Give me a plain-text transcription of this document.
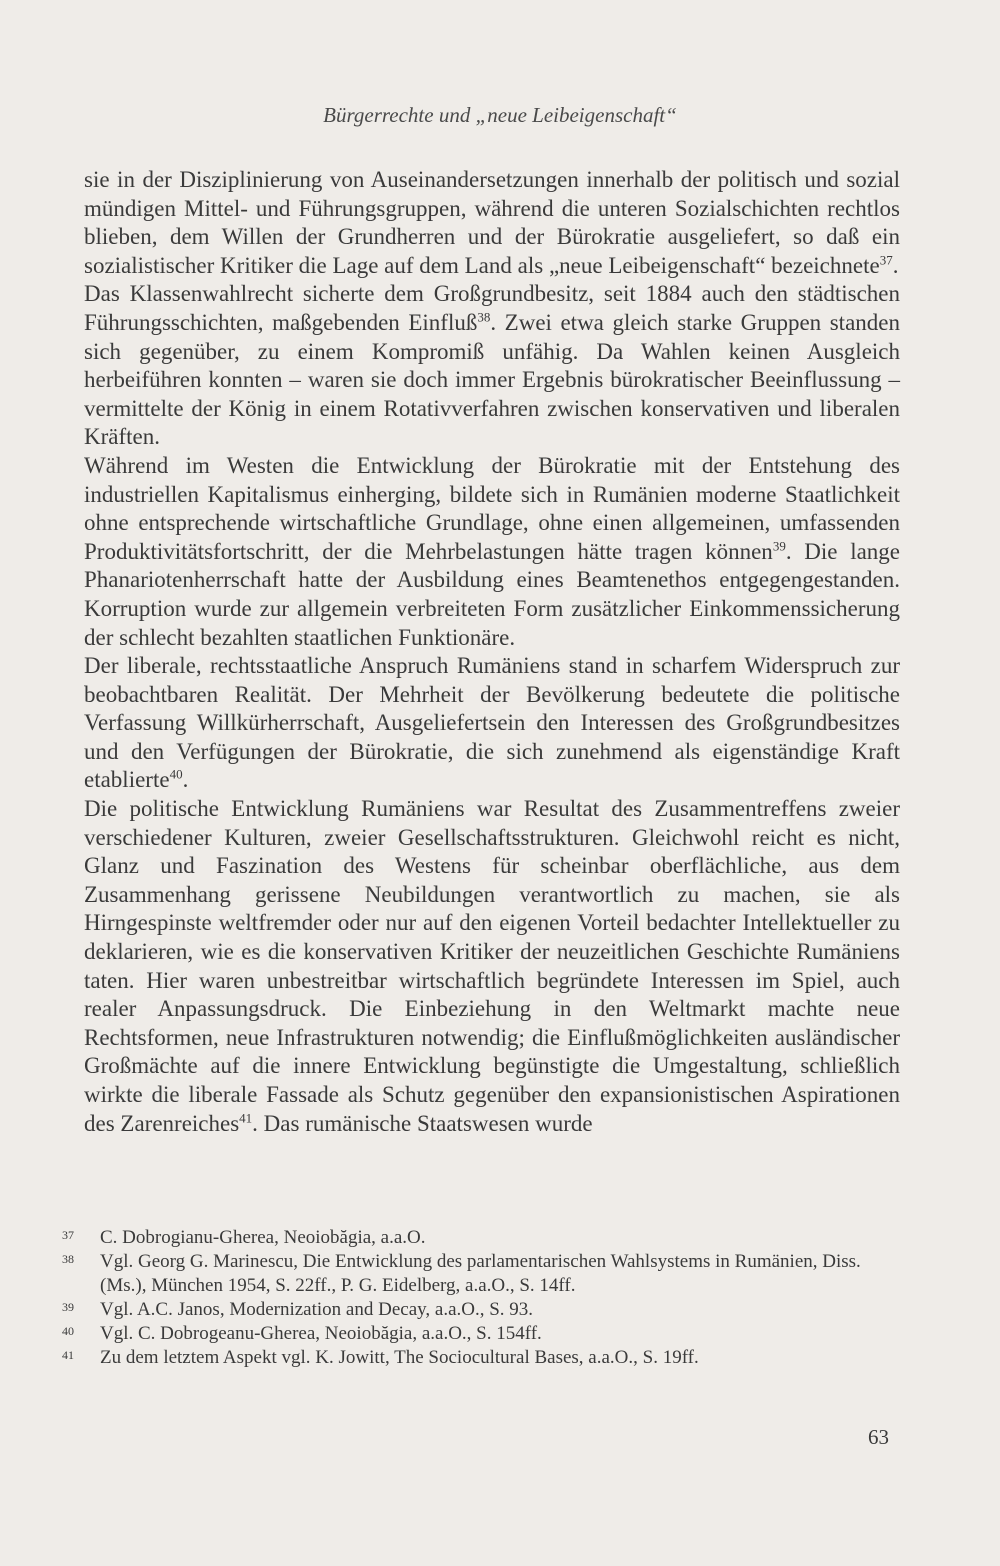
Bürgerrechte und „neue Leibeigenschaft“

sie in der Disziplinierung von Auseinandersetzungen innerhalb der politisch und sozial mündigen Mittel- und Führungsgruppen, während die unteren Sozialschichten rechtlos blieben, dem Willen der Grundherren und der Bürokratie ausgeliefert, so daß ein sozialistischer Kritiker die Lage auf dem Land als „neue Leibeigenschaft“ bezeichnete$^{37}$.

Das Klassenwahlrecht sicherte dem Großgrundbesitz, seit 1884 auch den städtischen Führungsschichten, maßgebenden Einfluß$^{38}$. Zwei etwa gleich starke Gruppen standen sich gegenüber, zu einem Kompromiß unfähig. Da Wahlen keinen Ausgleich herbeiführen konnten – waren sie doch immer Ergebnis bürokratischer Beeinflussung – vermittelte der König in einem Rotativverfahren zwischen konservativen und liberalen Kräften.

Während im Westen die Entwicklung der Bürokratie mit der Entstehung des industriellen Kapitalismus einherging, bildete sich in Rumänien moderne Staatlichkeit ohne entsprechende wirtschaftliche Grundlage, ohne einen allgemeinen, umfassenden Produktivitätsfortschritt, der die Mehrbelastungen hätte tragen können$^{39}$. Die lange Phanariotenherrschaft hatte der Ausbildung eines Beamtenethos entgegengestanden. Korruption wurde zur allgemein verbreiteten Form zusätzlicher Einkommenssicherung der schlecht bezahlten staatlichen Funktionäre.

Der liberale, rechtsstaatliche Anspruch Rumäniens stand in scharfem Widerspruch zur beobachtbaren Realität. Der Mehrheit der Bevölkerung bedeutete die politische Verfassung Willkürherrschaft, Ausgeliefertsein den Interessen des Großgrundbesitzes und den Verfügungen der Bürokratie, die sich zunehmend als eigenständige Kraft etablierte$^{40}$.

Die politische Entwicklung Rumäniens war Resultat des Zusammentreffens zweier verschiedener Kulturen, zweier Gesellschaftsstrukturen. Gleichwohl reicht es nicht, Glanz und Faszination des Westens für scheinbar oberflächliche, aus dem Zusammenhang gerissene Neubildungen verantwortlich zu machen, sie als Hirngespinste weltfremder oder nur auf den eigenen Vorteil bedachter Intellektueller zu deklarieren, wie es die konservativen Kritiker der neuzeitlichen Geschichte Rumäniens taten. Hier waren unbestreitbar wirtschaftlich begründete Interessen im Spiel, auch realer Anpassungsdruck. Die Einbeziehung in den Weltmarkt machte neue Rechtsformen, neue Infrastrukturen notwendig; die Einflußmöglichkeiten ausländischer Großmächte auf die innere Entwicklung begünstigte die Umgestaltung, schließlich wirkte die liberale Fassade als Schutz gegenüber den expansionistischen Aspirationen des Zarenreiches$^{41}$. Das rumänische Staatswesen wurde

37	C. Dobrogianu-Gherea, Neoiobăgia, a.a.O.
38	Vgl. Georg G. Marinescu, Die Entwicklung des parlamentarischen Wahlsystems in Rumänien, Diss. (Ms.), München 1954, S. 22ff., P. G. Eidelberg, a.a.O., S. 14ff.
39	Vgl. A.C. Janos, Modernization and Decay, a.a.O., S. 93.
40	Vgl. C. Dobrogeanu-Gherea, Neoiobăgia, a.a.O., S. 154ff.
41	Zu dem letztem Aspekt vgl. K. Jowitt, The Sociocultural Bases, a.a.O., S. 19ff.
63
